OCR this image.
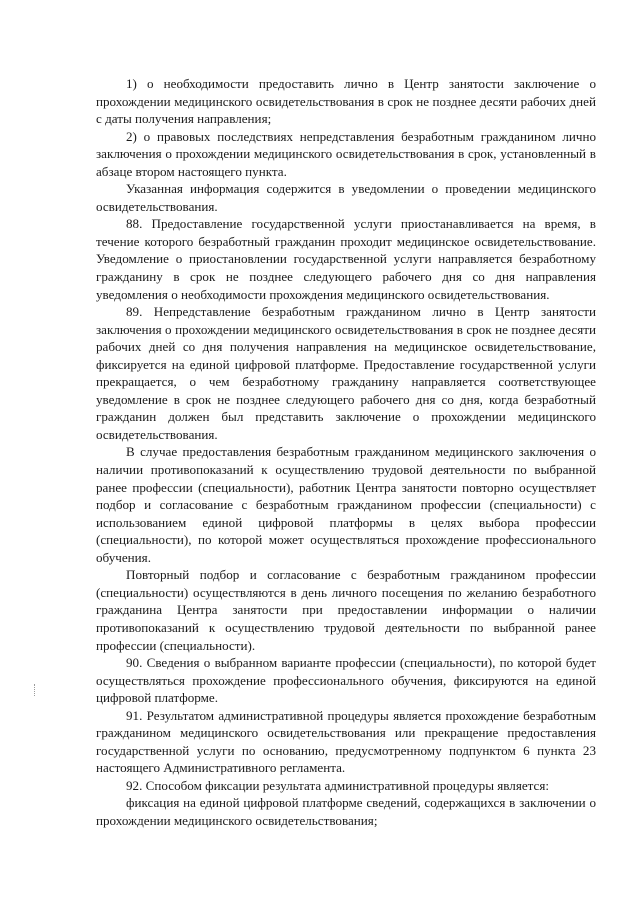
1) о необходимости предоставить лично в Центр занятости заключение о прохождении медицинского освидетельствования в срок не позднее десяти рабочих дней с даты получения направления;

2) о правовых последствиях непредставления безработным гражданином лично заключения о прохождении медицинского освидетельствования в срок, установленный в абзаце втором настоящего пункта.

Указанная информация содержится в уведомлении о проведении медицинского освидетельствования.

88. Предоставление государственной услуги приостанавливается на время, в течение которого безработный гражданин проходит медицинское освидетельствование. Уведомление о приостановлении государственной услуги направляется безработному гражданину в срок не позднее следующего рабочего дня со дня направления уведомления о необходимости прохождения медицинского освидетельствования.

89. Непредставление безработным гражданином лично в Центр занятости заключения о прохождении медицинского освидетельствования в срок не позднее десяти рабочих дней со дня получения направления на медицинское освидетельствование, фиксируется на единой цифровой платформе. Предоставление государственной услуги прекращается, о чем безработному гражданину направляется соответствующее уведомление в срок не позднее следующего рабочего дня со дня, когда безработный гражданин должен был представить заключение о прохождении медицинского освидетельствования.

В случае предоставления безработным гражданином медицинского заключения о наличии противопоказаний к осуществлению трудовой деятельности по выбранной ранее профессии (специальности), работник Центра занятости повторно осуществляет подбор и согласование с безработным гражданином профессии (специальности) с использованием единой цифровой платформы в целях выбора профессии (специальности), по которой может осуществляться прохождение профессионального обучения.

Повторный подбор и согласование с безработным гражданином профессии (специальности) осуществляются в день личного посещения по желанию безработного гражданина Центра занятости при предоставлении информации о наличии противопоказаний к осуществлению трудовой деятельности по выбранной ранее профессии (специальности).

90. Сведения о выбранном варианте профессии (специальности), по которой будет осуществляться прохождение профессионального обучения, фиксируются на единой цифровой платформе.

91. Результатом административной процедуры является прохождение безработным гражданином медицинского освидетельствования или прекращение предоставления государственной услуги по основанию, предусмотренному подпунктом 6 пункта 23 настоящего Административного регламента.

92. Способом фиксации результата административной процедуры является:

фиксация на единой цифровой платформе сведений, содержащихся в заключении о прохождении медицинского освидетельствования;
